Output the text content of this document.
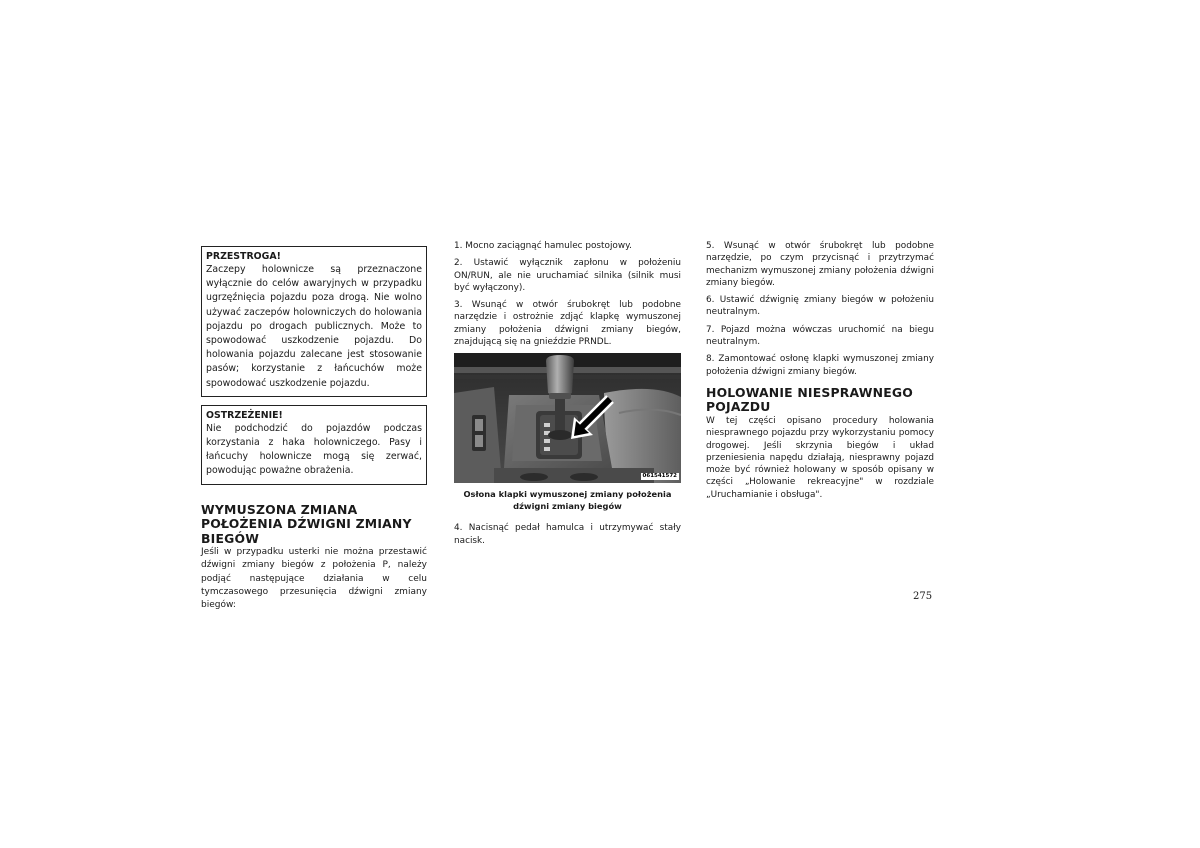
PRZESTROGA!
Zaczepy holownicze są przeznaczone wyłącznie do celów awaryjnych w przypadku ugrzęźnięcia pojazdu poza drogą. Nie wolno używać zaczepów holowniczych do holowania pojazdu po drogach publicznych. Może to spowodować uszkodzenie pojazdu. Do holowania pojazdu zalecane jest stosowanie pasów; korzystanie z łańcuchów może spowodować uszkodzenie pojazdu.
OSTRZEŻENIE!
Nie podchodzić do pojazdów podczas korzystania z haka holowniczego. Pasy i łańcuchy holownicze mogą się zerwać, powodując poważne obrażenia.
WYMUSZONA ZMIANA POŁOŻENIA DŹWIGNI ZMIANY BIEGÓW

Jeśli w przypadku usterki nie można przestawić dźwigni zmiany biegów z położenia P, należy podjąć następujące działania w celu tymczasowego przesunięcia dźwigni zmiany biegów:

1. Mocno zaciągnąć hamulec postojowy.

2. Ustawić wyłącznik zapłonu w położeniu ON/RUN, ale nie uruchamiać silnika (silnik musi być wyłączony).

3. Wsunąć w otwór śrubokręt lub podobne narzędzie i ostrożnie zdjąć klapkę wymuszonej zmiany położenia dźwigni zmiany biegów, znajdującą się na gnieździe PRNDL.

061541572
Osłona klapki wymuszonej zmiany położenia dźwigni zmiany biegów

4. Nacisnąć pedał hamulca i utrzymywać stały nacisk.

5. Wsunąć w otwór śrubokręt lub podobne narzędzie, po czym przycisnąć i przytrzymać mechanizm wymuszonej zmiany położenia dźwigni zmiany biegów.

6. Ustawić dźwignię zmiany biegów w położeniu neutralnym.

7. Pojazd można wówczas uruchomić na biegu neutralnym.

8. Zamontować osłonę klapki wymuszonej zmiany położenia dźwigni zmiany biegów.

HOLOWANIE NIESPRAWNEGO POJAZDU

W tej części opisano procedury holowania niesprawnego pojazdu przy wykorzystaniu pomocy drogowej. Jeśli skrzynia biegów i układ przeniesienia napędu działają, niesprawny pojazd może być również holowany w sposób opisany w części „Holowanie rekreacyjne" w rozdziale „Uruchamianie i obsługa".

275
